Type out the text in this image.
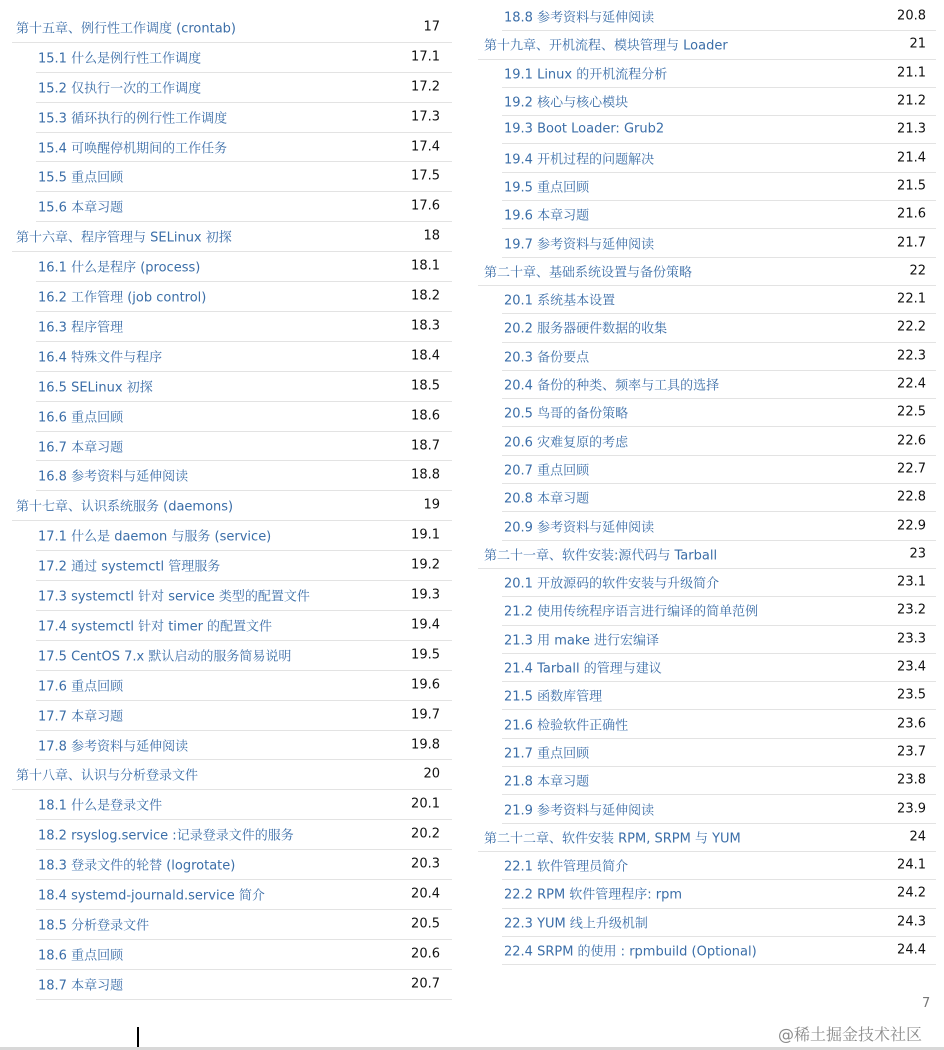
第十五章、例行性工作调度 (crontab)	17
15.1 什么是例行性工作调度	17.1
15.2 仅执行一次的工作调度	17.2
15.3 循环执行的例行性工作调度	17.3
15.4 可唤醒停机期间的工作任务	17.4
15.5 重点回顾	17.5
15.6 本章习题	17.6
第十六章、程序管理与 SELinux 初探	18
16.1 什么是程序 (process)	18.1
16.2 工作管理 (job control)	18.2
16.3 程序管理	18.3
16.4 特殊文件与程序	18.4
16.5 SELinux 初探	18.5
16.6 重点回顾	18.6
16.7 本章习题	18.7
16.8 参考资料与延伸阅读	18.8
第十七章、认识系统服务 (daemons)	19
17.1 什么是 daemon 与服务 (service)	19.1
17.2 通过 systemctl 管理服务	19.2
17.3 systemctl 针对 service 类型的配置文件	19.3
17.4 systemctl 针对 timer 的配置文件	19.4
17.5 CentOS 7.x 默认启动的服务简易说明	19.5
17.6 重点回顾	19.6
17.7 本章习题	19.7
17.8 参考资料与延伸阅读	19.8
第十八章、认识与分析登录文件	20
18.1 什么是登录文件	20.1
18.2 rsyslog.service :记录登录文件的服务	20.2
18.3 登录文件的轮替 (logrotate)	20.3
18.4 systemd-journald.service 简介	20.4
18.5 分析登录文件	20.5
18.6 重点回顾	20.6
18.7 本章习题	20.7
18.8 参考资料与延伸阅读	20.8
第十九章、开机流程、模块管理与 Loader	21
19.1 Linux 的开机流程分析	21.1
19.2 核心与核心模块	21.2
19.3 Boot Loader: Grub2	21.3
19.4 开机过程的问题解决	21.4
19.5 重点回顾	21.5
19.6 本章习题	21.6
19.7 参考资料与延伸阅读	21.7
第二十章、基础系统设置与备份策略	22
20.1 系统基本设置	22.1
20.2 服务器硬件数据的收集	22.2
20.3 备份要点	22.3
20.4 备份的种类、频率与工具的选择	22.4
20.5 鸟哥的备份策略	22.5
20.6 灾难复原的考虑	22.6
20.7 重点回顾	22.7
20.8 本章习题	22.8
20.9 参考资料与延伸阅读	22.9
第二十一章、软件安装:源代码与 Tarball	23
20.1 开放源码的软件安装与升级简介	23.1
21.2 使用传统程序语言进行编译的简单范例	23.2
21.3 用 make 进行宏编译	23.3
21.4 Tarball 的管理与建议	23.4
21.5 函数库管理	23.5
21.6 检验软件正确性	23.6
21.7 重点回顾	23.7
21.8 本章习题	23.8
21.9 参考资料与延伸阅读	23.9
第二十二章、软件安装 RPM, SRPM 与 YUM	24
22.1 软件管理员简介	24.1
22.2 RPM 软件管理程序: rpm	24.2
22.3 YUM 线上升级机制	24.3
22.4 SRPM 的使用 : rpmbuild (Optional)	24.4
7
@稀土掘金技术社区
